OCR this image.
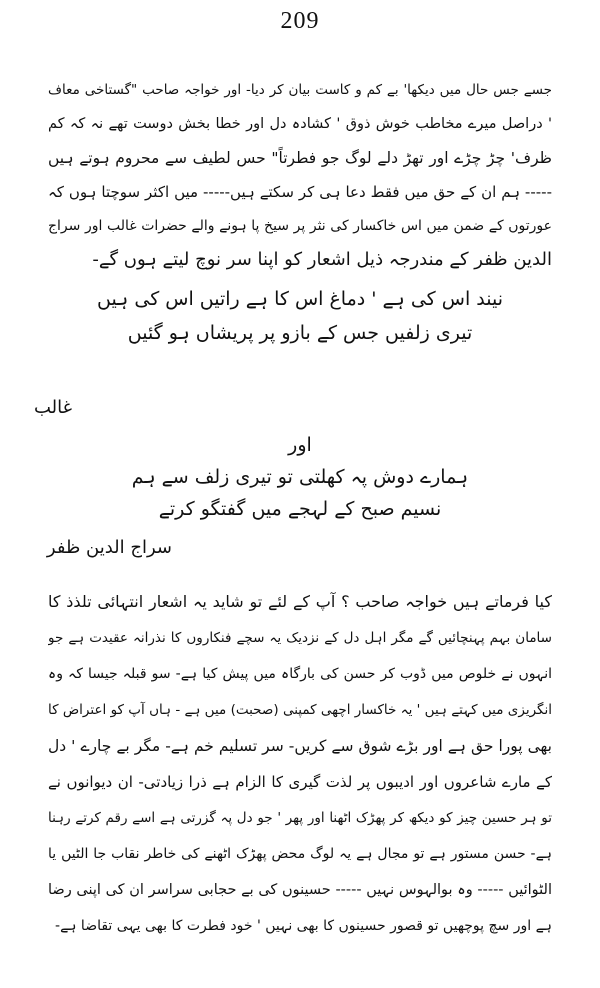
209
جسے جس حال میں دیکھا' بے کم و کاست بیان کر دیا- اور خواجہ صاحب "گستاخی معاف
' دراصل میرے مخاطب خوش ذوق ' کشادہ دل اور خطا بخش دوست تھے نہ کہ کم
ظرف' چڑ چڑے اور تھڑ دلے لوگ جو فطرتاً" حس لطیف سے محروم ہوتے ہیں
----- ہم ان کے حق میں فقط دعا ہی کر سکتے ہیں----- میں اکثر سوچتا ہوں کہ
عورتوں کے ضمن میں اس خاکسار کی نثر پر سیخ پا ہونے والے حضرات غالب اور سراج
الدین ظفر کے مندرجہ ذیل اشعار کو اپنا سر نوچ لیتے ہوں گے-
نیند اس کی ہے ' دماغ اس کا ہے راتیں اس کی ہیں
تیری زلفیں جس کے بازو پر پریشاں ہو گئیں
غالب
اور
ہمارے دوش پہ کھلتی تو تیری زلف سے ہم
نسیم صبح کے لہجے میں گفتگو کرتے
سراج الدین ظفر
کیا فرماتے ہیں خواجہ صاحب ؟ آپ کے لئے تو شاید یہ اشعار انتہائی تلذذ کا
سامان بہم پہنچائیں گے مگر اہل دل کے نزدیک یہ سچے فنکاروں کا نذرانہ عقیدت ہے جو
انہوں نے خلوص میں ڈوب کر حسن کی بارگاہ میں پیش کیا ہے- سو قبلہ جیسا کہ وہ
انگریزی میں کہتے ہیں ' یہ خاکسار اچھی کمپنی (صحبت) میں ہے - ہاں آپ کو اعتراض کا
بھی پورا حق ہے اور بڑے شوق سے کریں- سر تسلیم خم ہے- مگر بے چارے ' دل
کے مارے شاعروں اور ادیبوں پر لذت گیری کا الزام ہے ذرا زیادتی- ان دیوانوں نے
تو ہر حسین چیز کو دیکھ کر پھڑک اٹھنا اور پھر ' جو دل پہ گزرتی ہے اسے رقم کرتے رہنا
ہے- حسن مستور ہے تو مجال ہے یہ لوگ محض پھڑک اٹھنے کی خاطر نقاب جا الٹیں یا
الٹوائیں ----- وہ بوالہوس نہیں ----- حسینوں کی بے حجابی سراسر ان کی اپنی رضا
ہے اور سچ پوچھیں تو قصور حسینوں کا بھی نہیں ' خود فطرت کا بھی یہی تقاضا ہے-
